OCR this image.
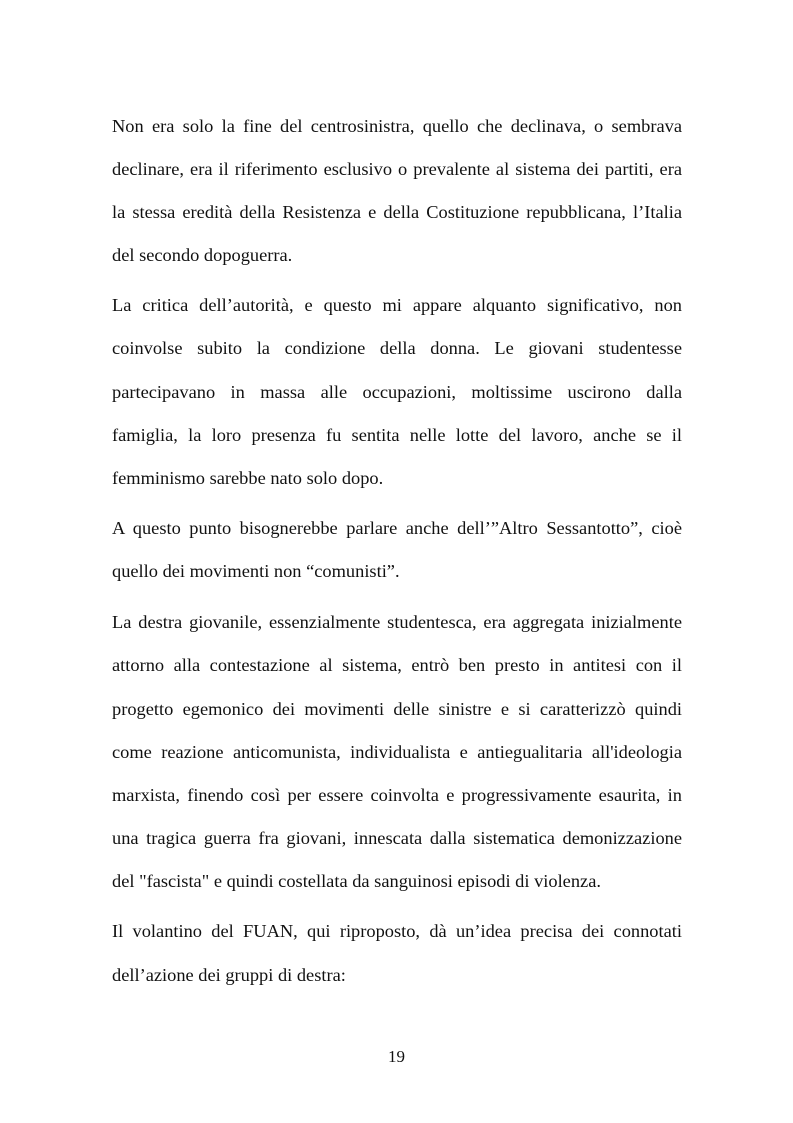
Non era solo la fine del centrosinistra, quello che declinava, o sembrava
declinare, era il riferimento esclusivo o prevalente al sistema dei partiti, era
la stessa eredità della Resistenza e della Costituzione repubblicana, l’Italia
del secondo dopoguerra.
La critica dell’autorità, e questo mi appare alquanto significativo, non
coinvolse subito la condizione della donna. Le giovani studentesse
partecipavano in massa alle occupazioni, moltissime uscirono dalla
famiglia, la loro presenza fu sentita nelle lotte del lavoro, anche se il
femminismo sarebbe nato solo dopo.
A questo punto bisognerebbe parlare anche dell’”Altro Sessantotto”, cioè
quello dei movimenti non “comunisti”.
La destra giovanile, essenzialmente studentesca, era aggregata inizialmente
attorno alla contestazione al sistema, entrò ben presto in antitesi con il
progetto egemonico dei movimenti delle sinistre e si caratterizzò quindi
come reazione anticomunista, individualista e antiegualitaria all'ideologia
marxista, finendo così per essere coinvolta e progressivamente esaurita, in
una tragica guerra fra giovani, innescata dalla sistematica demonizzazione
del "fascista" e quindi costellata da sanguinosi episodi di violenza.
Il volantino del FUAN, qui riproposto, dà un’idea precisa dei connotati
dell’azione dei gruppi di destra:
19
